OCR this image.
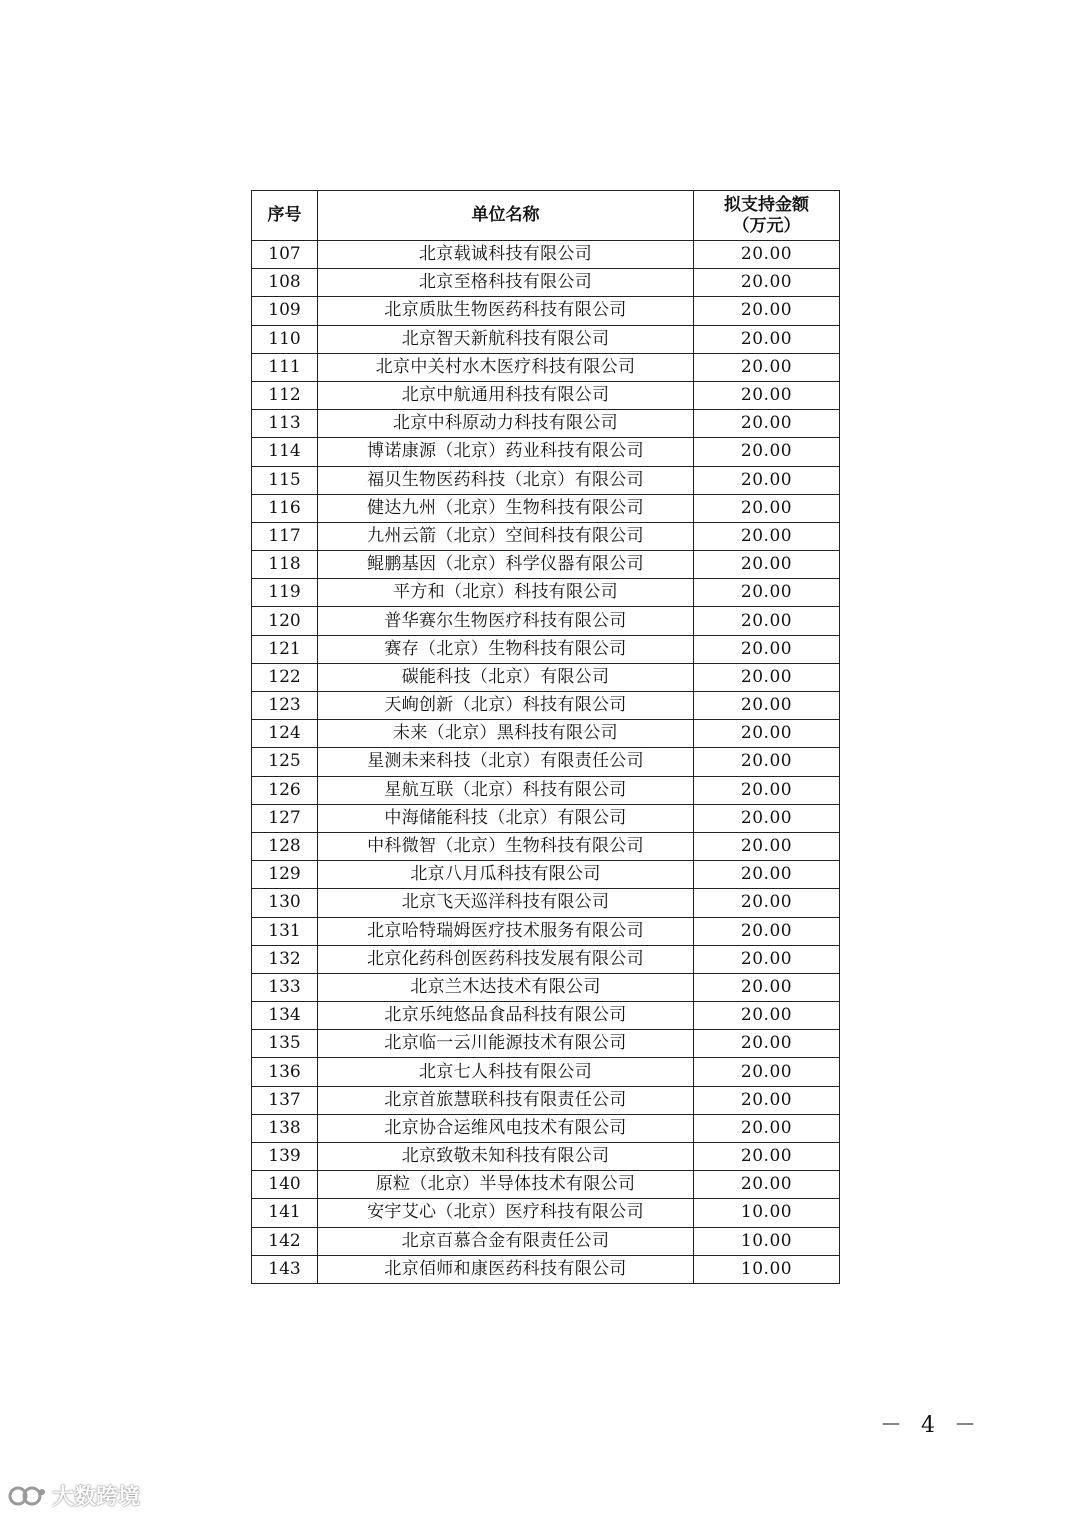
序号	单位名称	拟支持金额
（万元）

107	北京载诚科技有限公司	20.00
108	北京至格科技有限公司	20.00
109	北京质肽生物医药科技有限公司	20.00
110	北京智天新航科技有限公司	20.00
111	北京中关村水木医疗科技有限公司	20.00
112	北京中航通用科技有限公司	20.00
113	北京中科原动力科技有限公司	20.00
114	博诺康源（北京）药业科技有限公司	20.00
115	福贝生物医药科技（北京）有限公司	20.00
116	健达九州（北京）生物科技有限公司	20.00
117	九州云箭（北京）空间科技有限公司	20.00
118	鲲鹏基因（北京）科学仪器有限公司	20.00
119	平方和（北京）科技有限公司	20.00
120	普华赛尔生物医疗科技有限公司	20.00
121	赛存（北京）生物科技有限公司	20.00
122	碳能科技（北京）有限公司	20.00
123	天峋创新（北京）科技有限公司	20.00
124	未来（北京）黑科技有限公司	20.00
125	星测未来科技（北京）有限责任公司	20.00
126	星航互联（北京）科技有限公司	20.00
127	中海储能科技（北京）有限公司	20.00
128	中科微智（北京）生物科技有限公司	20.00
129	北京八月瓜科技有限公司	20.00
130	北京飞天巡洋科技有限公司	20.00
131	北京哈特瑞姆医疗技术服务有限公司	20.00
132	北京化药科创医药科技发展有限公司	20.00
133	北京兰木达技术有限公司	20.00
134	北京乐纯悠品食品科技有限公司	20.00
135	北京临一云川能源技术有限公司	20.00
136	北京七人科技有限公司	20.00
137	北京首旅慧联科技有限责任公司	20.00
138	北京协合运维风电技术有限公司	20.00
139	北京致敬未知科技有限公司	20.00
140	原粒（北京）半导体技术有限公司	20.00
141	安宇艾心（北京）医疗科技有限公司	10.00
142	北京百慕合金有限责任公司	10.00
143	北京佰师和康医药科技有限公司	10.00
－ 4 －
大数跨境
